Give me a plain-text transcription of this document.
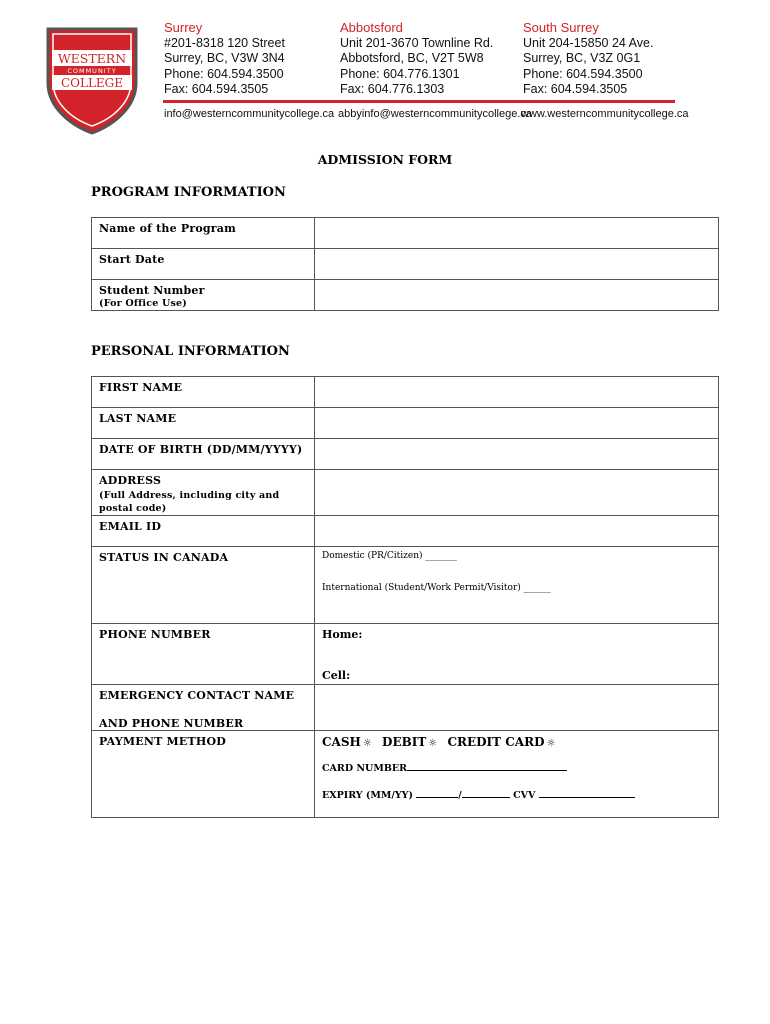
WESTERN
COMMUNITY
COLLEGE
Surrey
#201-8318 120 Street
Surrey, BC, V3W 3N4
Phone: 604.594.3500
Fax: 604.594.3505
Abbotsford
Unit 201-3670 Townline Rd.
Abbotsford, BC, V2T 5W8
Phone: 604.776.1301
Fax: 604.776.1303
South Surrey
Unit 204-15850 24 Ave.
Surrey, BC, V3Z 0G1
Phone: 604.594.3500
Fax: 604.594.3505
info@westerncommunitycollege.ca abbyinfo@westerncommunitycollege.ca
www.westerncommunitycollege.ca
ADMISSION FORM
PROGRAM INFORMATION
Name of the Program	
Start Date	
Student Number
(For Office Use)	

PERSONAL INFORMATION
FIRST NAME	
LAST NAME	
DATE OF BIRTH (DD/MM/YYYY)	
ADDRESS
(Full Address, including city and postal code)	

EMAIL ID	
STATUS IN CANADA	Domestic (PR/Citizen) _______
International (Student/Work Permit/Visitor) ______

PHONE NUMBER	Home:
Cell:

EMERGENCY CONTACT NAME
AND PHONE NUMBER	

PAYMENT METHOD	CASH ☼ DEBIT ☼ CREDIT CARD ☼
CARD NUMBER
EXPIRY (MM/YY) / CVV
